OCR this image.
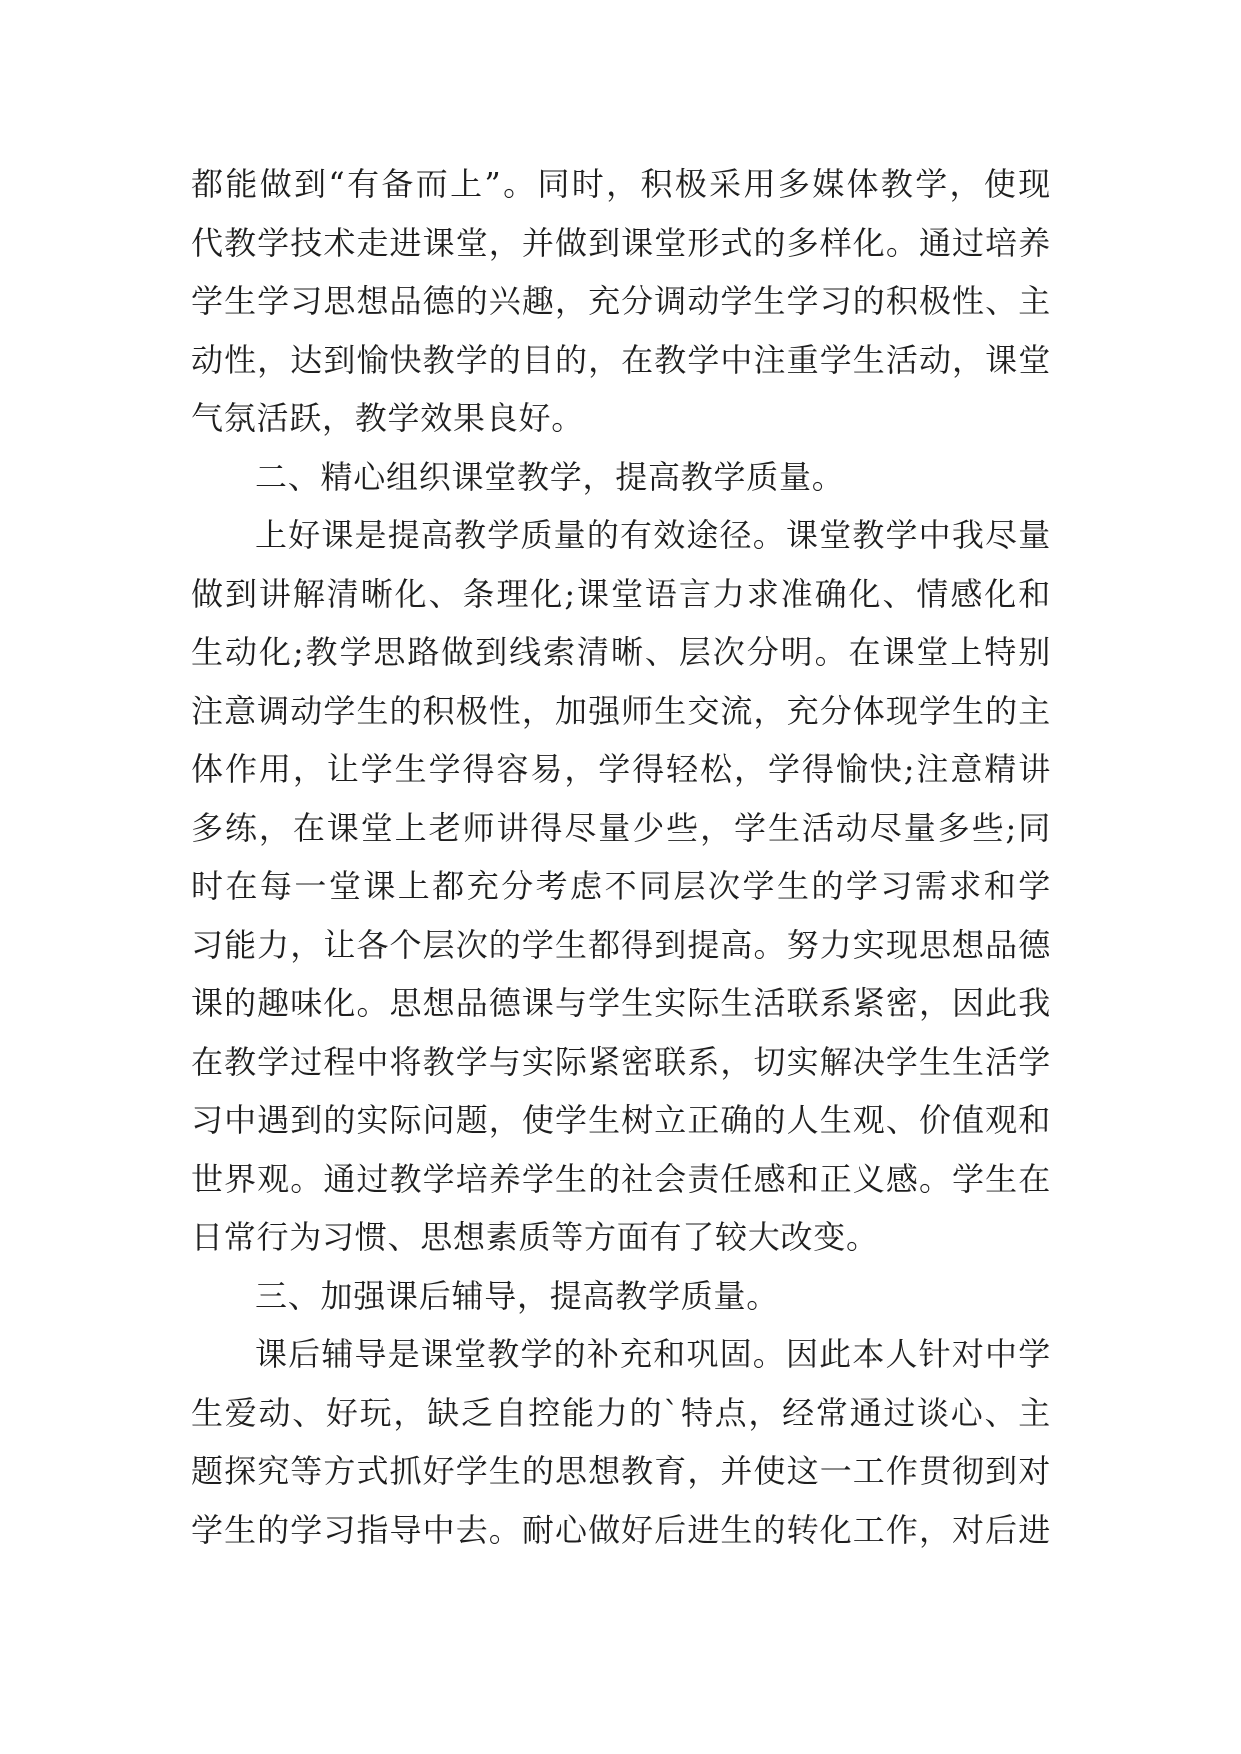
都能做到“有备而上”。同时，积极采用多媒体教学，使现
代教学技术走进课堂，并做到课堂形式的多样化。通过培养
学生学习思想品德的兴趣，充分调动学生学习的积极性、主
动性，达到愉快教学的目的，在教学中注重学生活动，课堂
气氛活跃，教学效果良好。
二、精心组织课堂教学，提高教学质量。
上好课是提高教学质量的有效途径。课堂教学中我尽量
做到讲解清晰化、条理化;课堂语言力求准确化、情感化和
生动化;教学思路做到线索清晰、层次分明。在课堂上特别
注意调动学生的积极性，加强师生交流，充分体现学生的主
体作用，让学生学得容易，学得轻松，学得愉快;注意精讲
多练，在课堂上老师讲得尽量少些，学生活动尽量多些;同
时在每一堂课上都充分考虑不同层次学生的学习需求和学
习能力，让各个层次的学生都得到提高。努力实现思想品德
课的趣味化。思想品德课与学生实际生活联系紧密，因此我
在教学过程中将教学与实际紧密联系，切实解决学生生活学
习中遇到的实际问题，使学生树立正确的人生观、价值观和
世界观。通过教学培养学生的社会责任感和正义感。学生在
日常行为习惯、思想素质等方面有了较大改变。
三、加强课后辅导，提高教学质量。
课后辅导是课堂教学的补充和巩固。因此本人针对中学
生爱动、好玩，缺乏自控能力的`特点，经常通过谈心、主
题探究等方式抓好学生的思想教育，并使这一工作贯彻到对
学生的学习指导中去。耐心做好后进生的转化工作，对后进
